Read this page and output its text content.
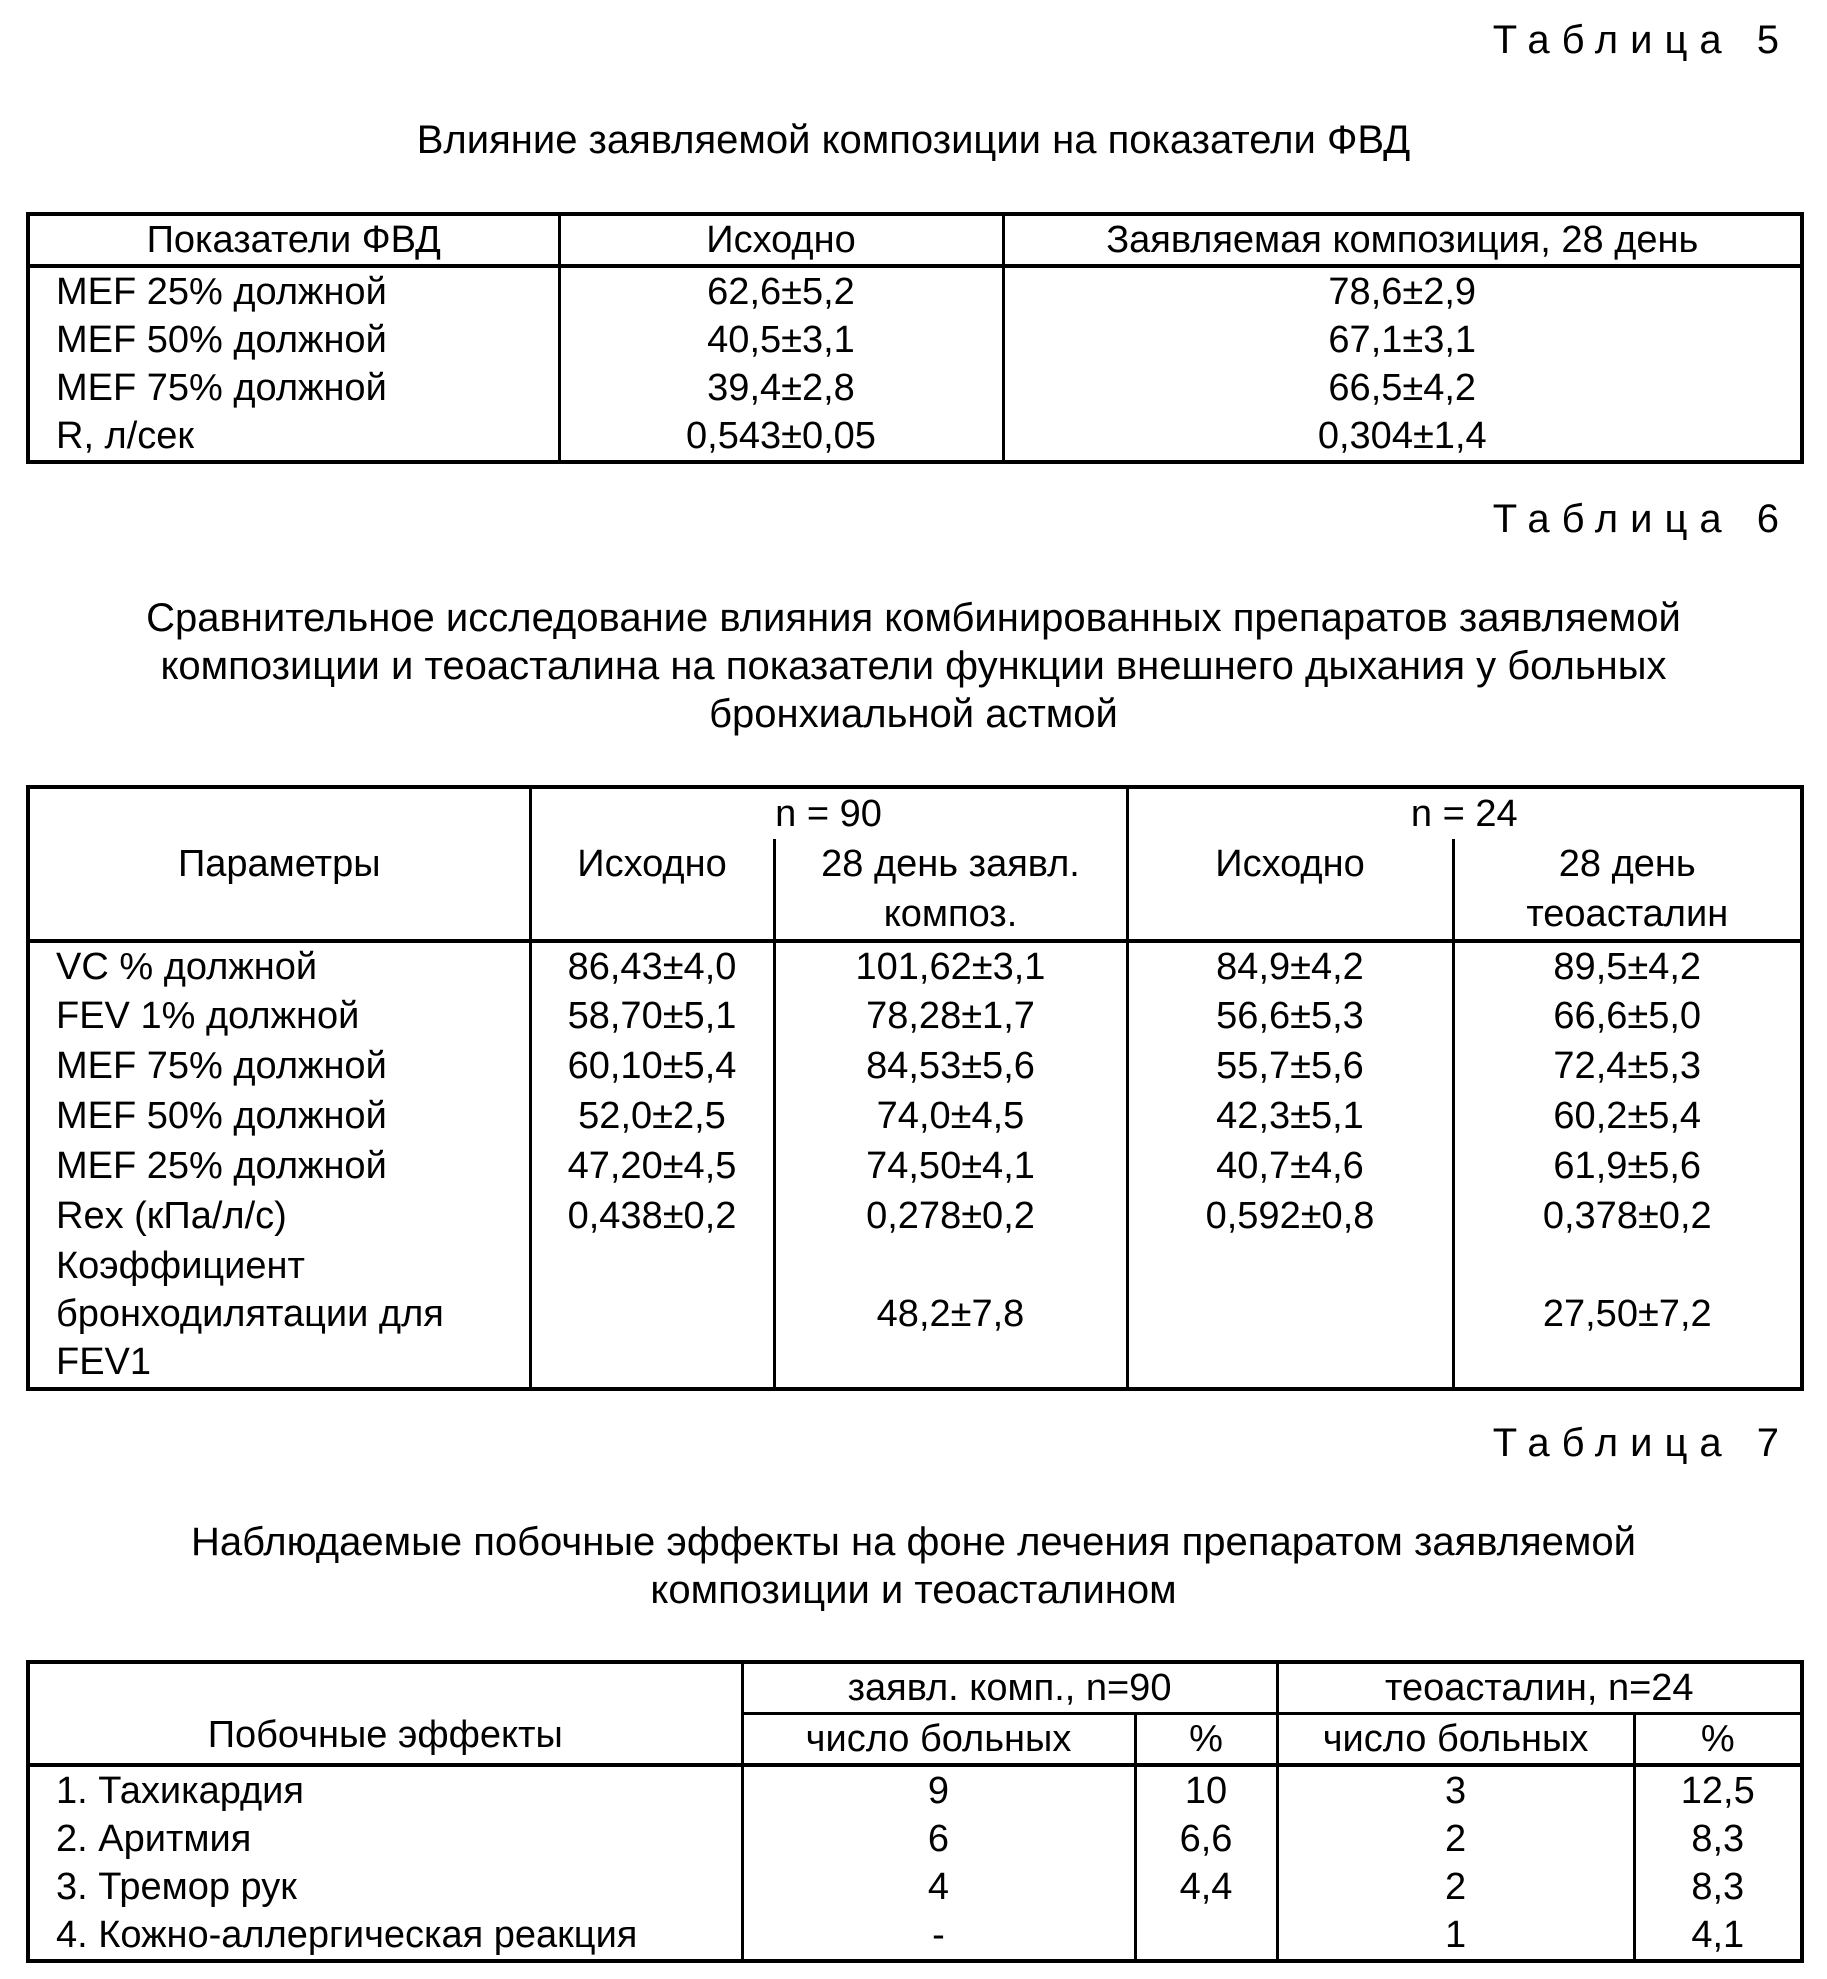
Таблица 5
Влияние заявляемой композиции на показатели ФВД
Показатели ФВД	Исходно	Заявляемая композиция, 28 день
MEF 25% должной	62,6±5,2	78,6±2,9
MEF 50% должной	40,5±3,1	67,1±3,1
MEF 75% должной	39,4±2,8	66,5±4,2
R, л/сек	0,543±0,05	0,304±1,4
Таблица 6
Сравнительное исследование влияния комбинированных препаратов заявляемой
композиции и теоасталина на показатели функции внешнего дыхания у больных
бронхиальной астмой
Параметры	n = 90		n = 24	
	Исходно	28 день заявл.	Исходно	28 день
		композ.		теоасталин
VC % должной	86,43±4,0	101,62±3,1	84,9±4,2	89,5±4,2
FEV 1% должной	58,70±5,1	78,28±1,7	56,6±5,3	66,6±5,0
MEF 75% должной	60,10±5,4	84,53±5,6	55,7±5,6	72,4±5,3
MEF 50% должной	52,0±2,5	74,0±4,5	42,3±5,1	60,2±5,4
MEF 25% должной	47,20±4,5	74,50±4,1	40,7±4,6	61,9±5,6
Rex (кПа/л/с)	0,438±0,2	0,278±0,2	0,592±0,8	0,378±0,2
Коэффициент бронходилятации для FEV1		48,2±7,8		27,50±7,2
Таблица 7
Наблюдаемые побочные эффекты на фоне лечения препаратом заявляемой
композиции и теоасталином
Побочные эффекты	заявл. комп., n=90		теоасталин, n=24	
	число больных	%	число больных	%
1. Тахикардия	9	10	3	12,5
2. Аритмия	6	6,6	2	8,3
3. Тремор рук	4	4,4	2	8,3
4. Кожно-аллергическая реакция	-		1	4,1
